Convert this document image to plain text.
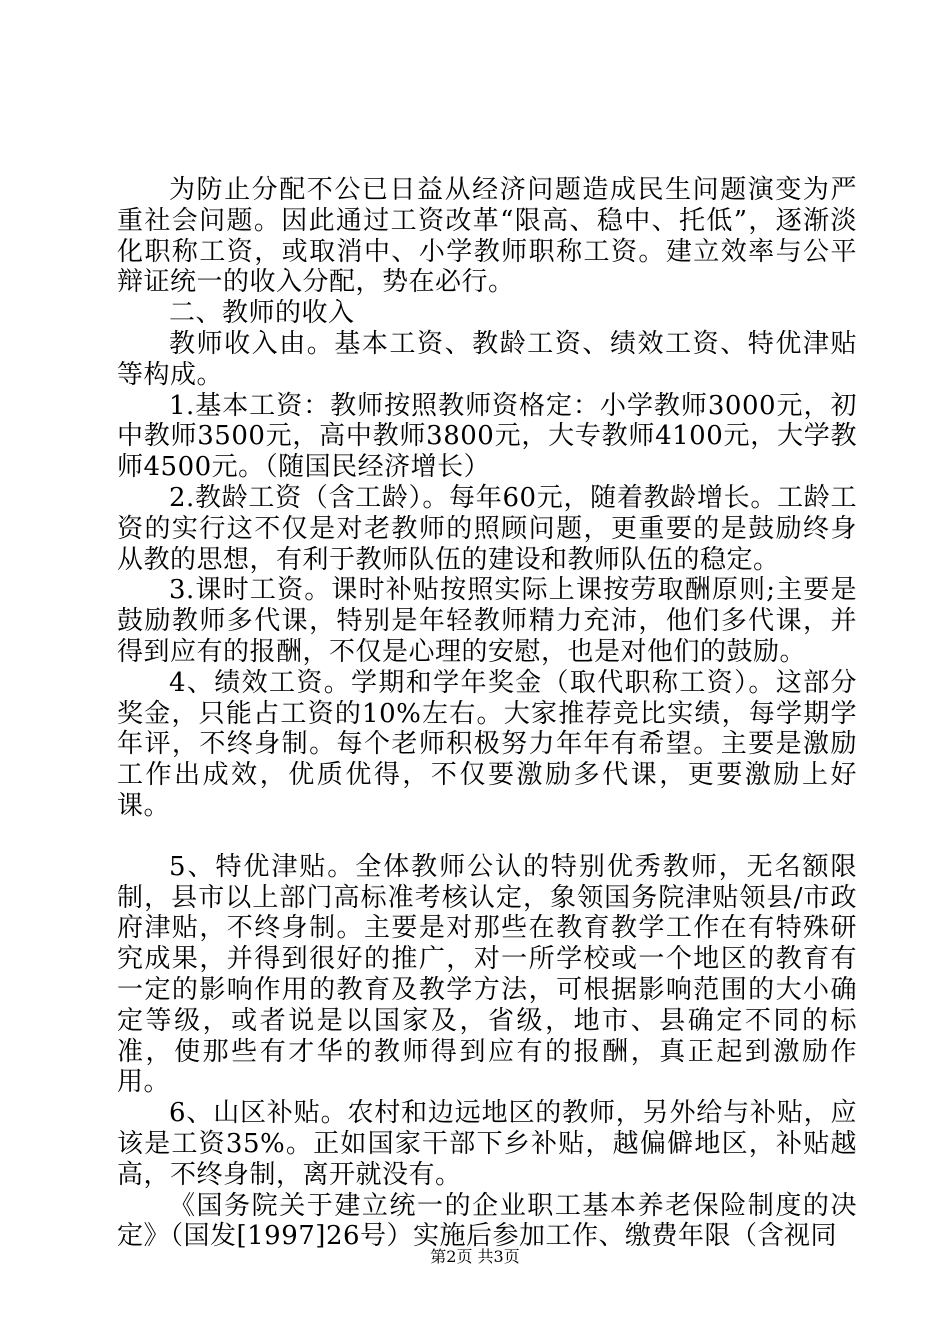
为防止分配不公已日益从经济问题造成民生问题演变为严重社会问题。因此通过工资改革“限高、稳中、托低”，逐渐淡化职称工资，或取消中、小学教师职称工资。建立效率与公平辩证统一的收入分配，势在必行。

二、教师的收入

教师收入由。基本工资、教龄工资、绩效工资、特优津贴等构成。

1.基本工资：教师按照教师资格定：小学教师3000元，初中教师3500元，高中教师3800元，大专教师4100元，大学教师4500元。（随国民经济增长）

2.教龄工资（含工龄）。每年60元，随着教龄增长。工龄工资的实行这不仅是对老教师的照顾问题，更重要的是鼓励终身从教的思想，有利于教师队伍的建设和教师队伍的稳定。

3.课时工资。课时补贴按照实际上课按劳取酬原则;主要是鼓励教师多代课，特别是年轻教师精力充沛，他们多代课，并得到应有的报酬，不仅是心理的安慰，也是对他们的鼓励。

4、绩效工资。学期和学年奖金（取代职称工资）。这部分奖金，只能占工资的10%左右。大家推荐竞比实绩，每学期学年评，不终身制。每个老师积极努力年年有希望。主要是激励工作出成效，优质优得，不仅要激励多代课，更要激励上好课。

5、特优津贴。全体教师公认的特别优秀教师，无名额限制，县市以上部门高标准考核认定，象领国务院津贴领县/市政府津贴，不终身制。主要是对那些在教育教学工作在有特殊研究成果，并得到很好的推广，对一所学校或一个地区的教育有一定的影响作用的教育及教学方法，可根据影响范围的大小确定等级，或者说是以国家及，省级，地市、县确定不同的标准，使那些有才华的教师得到应有的报酬，真正起到激励作用。

6、山区补贴。农村和边远地区的教师，另外给与补贴，应该是工资35%。正如国家干部下乡补贴，越偏僻地区，补贴越高，不终身制，离开就没有。

《国务院关于建立统一的企业职工基本养老保险制度的决定》（国发[1997]26号）实施后参加工作、缴费年限（含视同

第2页 共3页
